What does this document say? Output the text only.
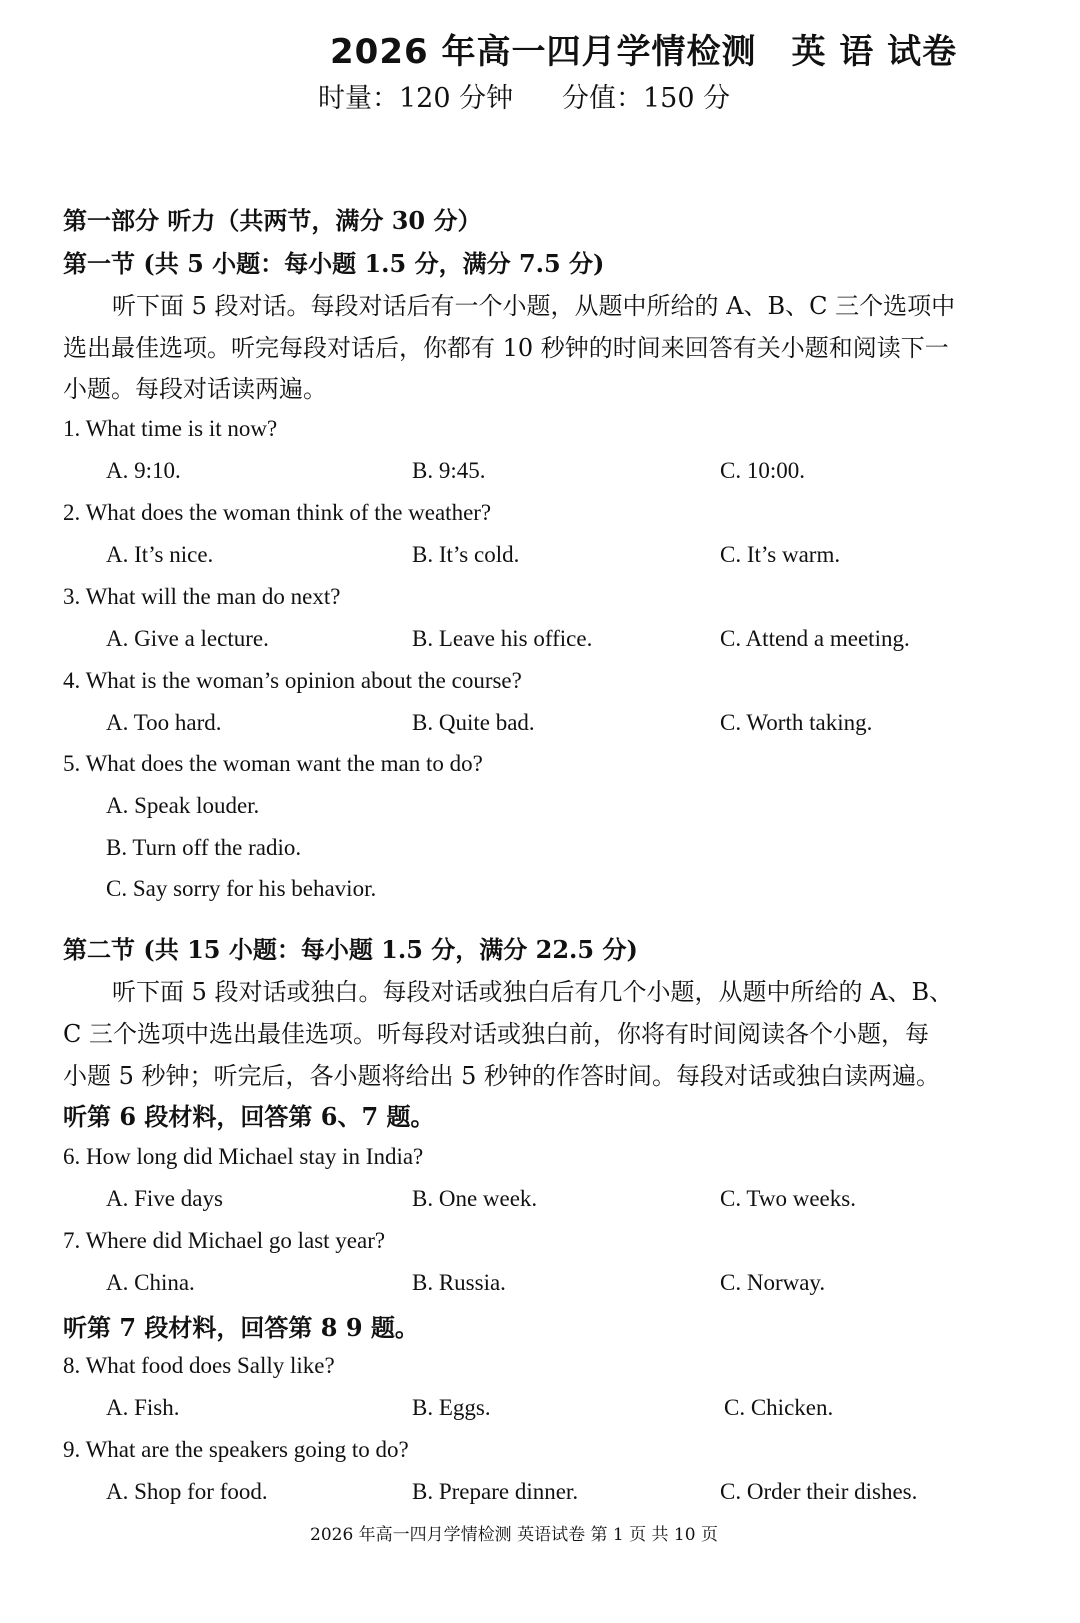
2026 年高一四月学情检测　英 语 试卷
时量：120 分钟 分值：150 分
第一部分 听力（共两节，满分 30 分）
第一节 (共 5 小题：每小题 1.5 分，满分 7.5 分)
听下面 5 段对话。每段对话后有一个小题，从题中所给的 A、B、C 三个选项中
选出最佳选项。听完每段对话后，你都有 10 秒钟的时间来回答有关小题和阅读下一
小题。每段对话读两遍。
1. What time is it now?
A. 9:10.	B. 9:45.	C. 10:00.
2. What does the woman think of the weather?
A. It’s nice.	B. It’s cold.	C. It’s warm.
3. What will the man do next?
A. Give a lecture.	B. Leave his office.	C. Attend a meeting.
4. What is the woman’s opinion about the course?
A. Too hard.	B. Quite bad.	C. Worth taking.
5. What does the woman want the man to do?
A. Speak louder.
B. Turn off the radio.
C. Say sorry for his behavior.
第二节 (共 15 小题：每小题 1.5 分，满分 22.5 分)
听下面 5 段对话或独白。每段对话或独白后有几个小题，从题中所给的 A、B、
C 三个选项中选出最佳选项。听每段对话或独白前，你将有时间阅读各个小题，每
小题 5 秒钟；听完后，各小题将给出 5 秒钟的作答时间。每段对话或独白读两遍。
听第 6 段材料，回答第 6、7 题。
6. How long did Michael stay in India?
A. Five days	B. One week.	C. Two weeks.
7. Where did Michael go last year?
A. China.	B. Russia.	C. Norway.
听第 7 段材料，回答第 8 9 题。
8. What food does Sally like?
A. Fish.	B. Eggs.	C. Chicken.
9. What are the speakers going to do?
A. Shop for food.	B. Prepare dinner.	C. Order their dishes.
2026 年高一四月学情检测 英语试卷 第 1 页 共 10 页
